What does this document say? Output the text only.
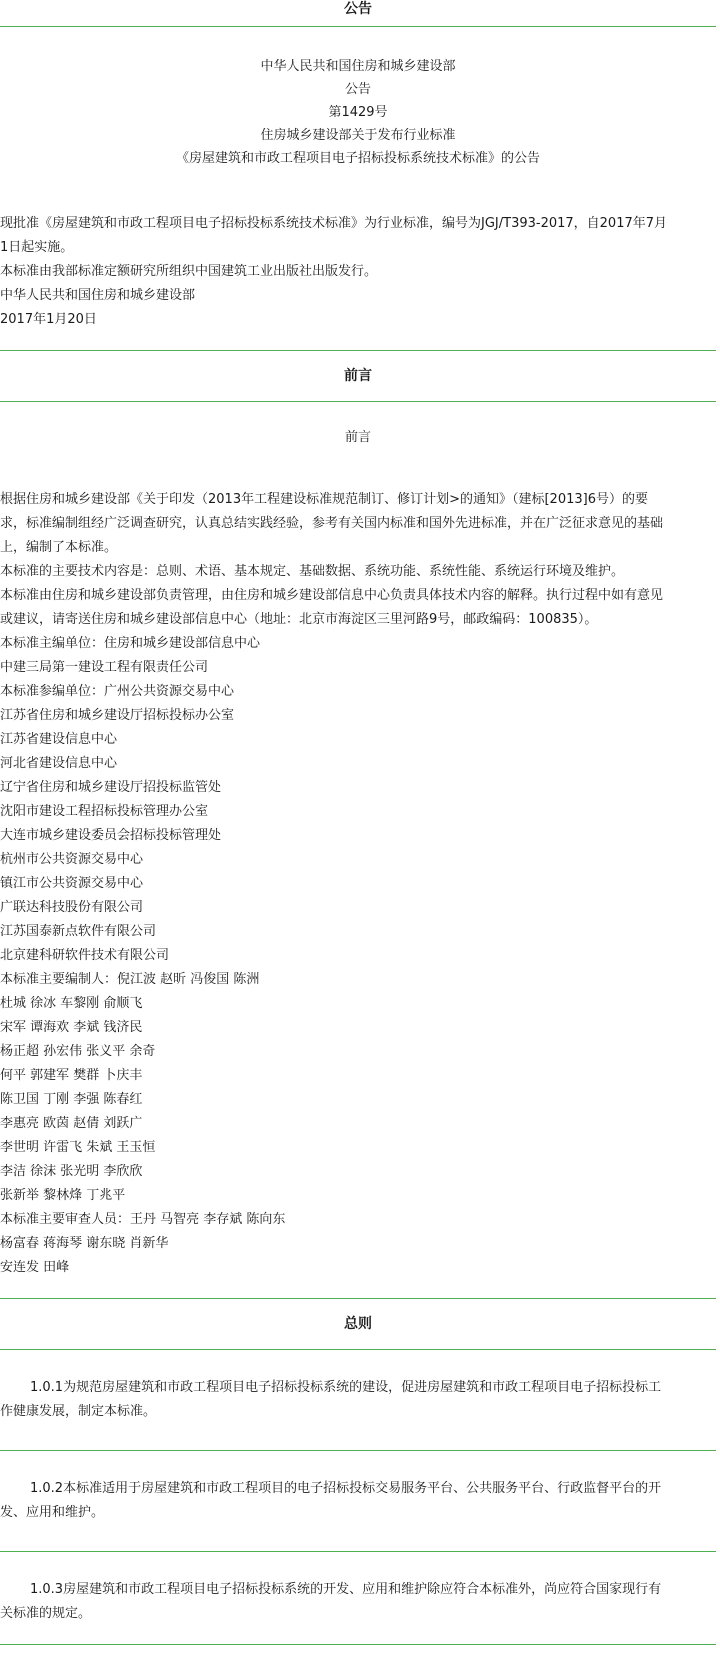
公告
中华人民共和国住房和城乡建设部
公告
第1429号
住房城乡建设部关于发布行业标准
《房屋建筑和市政工程项目电子招标投标系统技术标准》的公告
现批准《房屋建筑和市政工程项目电子招标投标系统技术标准》为行业标准，编号为JGJ/T393-2017，自2017年7月
1日起实施。
本标准由我部标准定额研究所组织中国建筑工业出版社出版发行。
中华人民共和国住房和城乡建设部
2017年1月20日
前言
前言
根据住房和城乡建设部《关于印发（2013年工程建设标准规范制订、修订计划>的通知》（建标[2013]6号）的要
求，标准编制组经广泛调查研究，认真总结实践经验，参考有关国内标准和国外先进标准，并在广泛征求意见的基础
上，编制了本标准。
本标准的主要技术内容是：总则、术语、基本规定、基础数据、系统功能、系统性能、系统运行环境及维护。
本标准由住房和城乡建设部负责管理，由住房和城乡建设部信息中心负责具体技术内容的解释。执行过程中如有意见
或建议，请寄送住房和城乡建设部信息中心（地址：北京市海淀区三里河路9号，邮政编码：100835）。
本标准主编单位：住房和城乡建设部信息中心
中建三局第一建设工程有限责任公司
本标准参编单位：广州公共资源交易中心
江苏省住房和城乡建设厅招标投标办公室
江苏省建设信息中心
河北省建设信息中心
辽宁省住房和城乡建设厅招投标监管处
沈阳市建设工程招标投标管理办公室
大连市城乡建设委员会招标投标管理处
杭州市公共资源交易中心
镇江市公共资源交易中心
广联达科技股份有限公司
江苏国泰新点软件有限公司
北京建科研软件技术有限公司
本标准主要编制人：倪江波 赵昕 冯俊国 陈洲
杜城 徐冰 车黎刚 俞顺飞
宋军 谭海欢 李斌 钱济民
杨正超 孙宏伟 张义平 余奇
何平 郭建军 樊群 卜庆丰
陈卫国 丁刚 李强 陈春红
李惠亮 欧茵 赵倩 刘跃广
李世明 许雷飞 朱斌 王玉恒
李洁 徐沫 张光明 李欣欣
张新举 黎林烽 丁兆平
本标准主要审查人员：王丹 马智亮 李存斌 陈向东
杨富春 蒋海琴 谢东晓 肖新华
安连发 田峰
总则
1.0.1为规范房屋建筑和市政工程项目电子招标投标系统的建设，促进房屋建筑和市政工程项目电子招标投标工
作健康发展，制定本标准。
1.0.2本标准适用于房屋建筑和市政工程项目的电子招标投标交易服务平台、公共服务平台、行政监督平台的开
发、应用和维护。
1.0.3房屋建筑和市政工程项目电子招标投标系统的开发、应用和维护除应符合本标准外，尚应符合国家现行有
关标准的规定。
